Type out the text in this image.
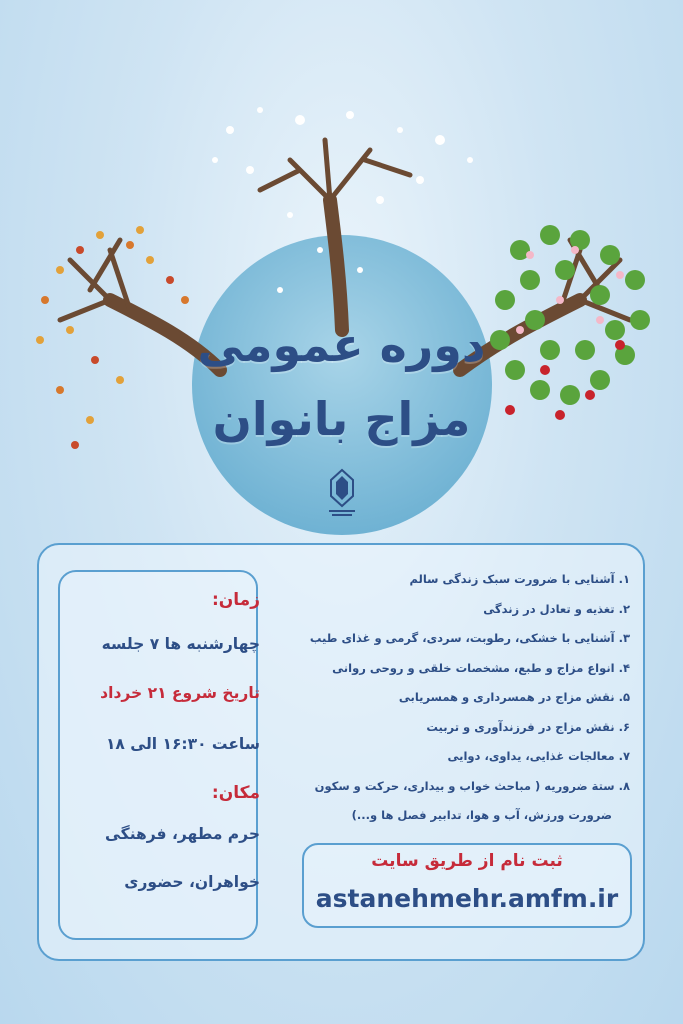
دوره عمومی
مزاج بانوان
۱. آشنایی با ضرورت سبک زندگی سالم
۲. تغذیه و تعادل در زندگی
۳. آشنایی با خشکی، رطوبت، سردی، گرمی و غذای طیب
۴. انواع مزاج و طبع، مشخصات خلقی و روحی روانی
۵. نقش مزاج در همسرداری و همسریابی
۶. نقش مزاج در فرزندآوری و تربیت
۷. معالجات غذایی، یداوی، دوایی
۸. ستة ضروریه ( مباحث خواب و بیداری، حرکت و سکون
ضرورت ورزش، آب و هوا، تدابیر فصل ها و...)
زمان:
چهارشنبه ها ۷ جلسه
تاریخ شروع ۲۱ خرداد
ساعت ۱۶:۳۰ الی ۱۸
مکان:
حرم مطهر، فرهنگی
خواهران، حضوری
ثبت نام از طریق سایت
astanehmehr.amfm.ir
